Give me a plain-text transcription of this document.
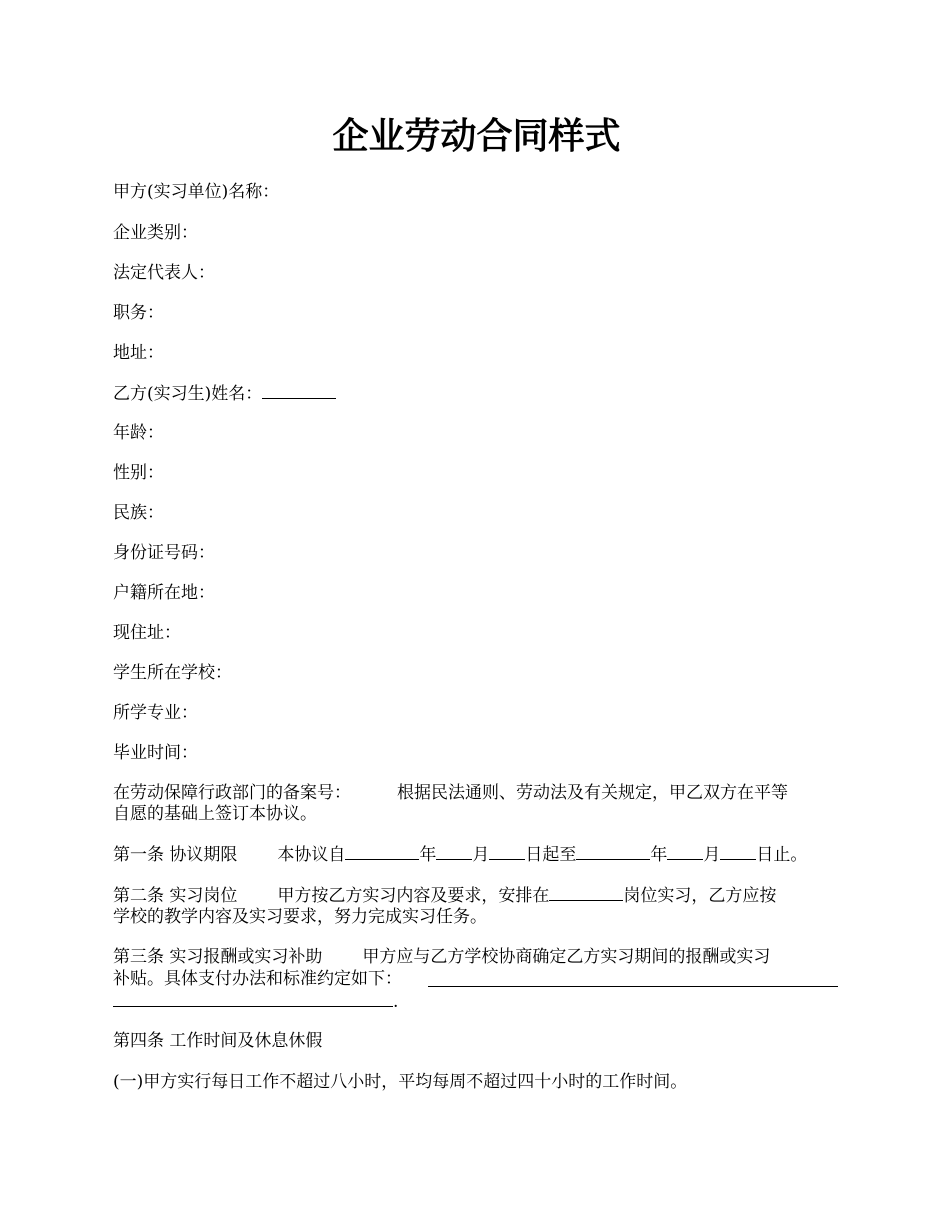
企业劳动合同样式

甲方(实习单位)名称：

企业类别：

法定代表人：

职务：

地址：

乙方(实习生)姓名：

年龄：

性别：

民族：

身份证号码：

户籍所在地：

现住址：

学生所在学校：

所学专业：

毕业时间：

在劳动保障行政部门的备案号：	根据民法通则、劳动法及有关规定，甲乙双方在平等

自愿的基础上签订本协议。

第一条 协议期限 本协议自	年 月 日起至	年 月 日止。

第二条 实习岗位 甲方按乙方实习内容及要求，安排在	岗位实习，乙方应按

学校的教学内容及实习要求，努力完成实习任务。

第三条 实习报酬或实习补助 甲方应与乙方学校协商确定乙方实习期间的报酬或实习

补贴。具体支付办法和标准约定如下：

.

第四条 工作时间及休息休假

(一)甲方实行每日工作不超过八小时，平均每周不超过四十小时的工作时间。
